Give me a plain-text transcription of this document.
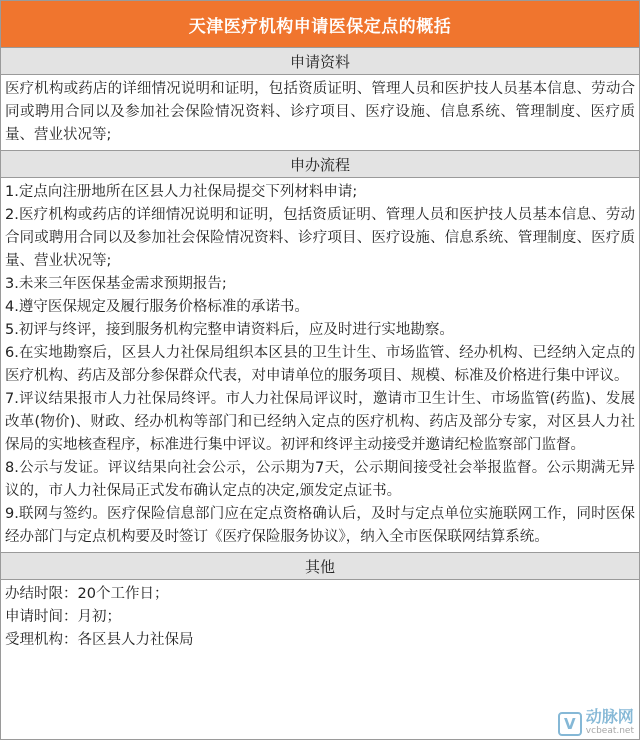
天津医疗机构申请医保定点的概括
申请资料

医疗机构或药店的详细情况说明和证明，包括资质证明、管理人员和医护技人员基本信息、劳动合同或聘用合同以及参加社会保险情况资料、诊疗项目、医疗设施、信息系统、管理制度、医疗质量、营业状况等;

申办流程

1.定点向注册地所在区县人力社保局提交下列材料申请;

2.医疗机构或药店的详细情况说明和证明，包括资质证明、管理人员和医护技人员基本信息、劳动合同或聘用合同以及参加社会保险情况资料、诊疗项目、医疗设施、信息系统、管理制度、医疗质量、营业状况等;

3.未来三年医保基金需求预期报告;

4.遵守医保规定及履行服务价格标准的承诺书。

5.初评与终评，接到服务机构完整申请资料后，应及时进行实地勘察。

6.在实地勘察后，区县人力社保局组织本区县的卫生计生、市场监管、经办机构、已经纳入定点的医疗机构、药店及部分参保群众代表，对申请单位的服务项目、规模、标准及价格进行集中评议。

7.评议结果报市人力社保局终评。市人力社保局评议时，邀请市卫生计生、市场监管(药监)、发展改革(物价)、财政、经办机构等部门和已经纳入定点的医疗机构、药店及部分专家，对区县人力社保局的实地核查程序，标准进行集中评议。初评和终评主动接受并邀请纪检监察部门监督。

8.公示与发证。评议结果向社会公示，公示期为7天，公示期间接受社会举报监督。公示期满无异议的，市人力社保局正式发布确认定点的决定,颁发定点证书。

9.联网与签约。医疗保险信息部门应在定点资格确认后，及时与定点单位实施联网工作，同时医保经办部门与定点机构要及时签订《医疗保险服务协议》，纳入全市医保联网结算系统。

其他

办结时限：20个工作日；

申请时间：月初；

受理机构：各区县人力社保局

V 动脉网
vcbeat.net
